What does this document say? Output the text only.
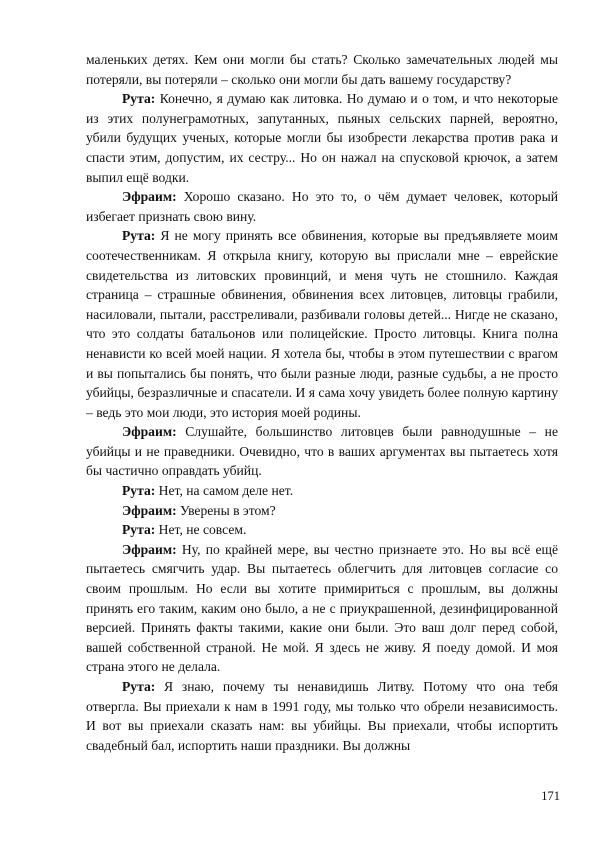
маленьких детях. Кем они могли бы стать? Сколько замечательных людей мы потеряли, вы потеряли – сколько они могли бы дать вашему государству?

Рута: Конечно, я думаю как литовка. Но думаю и о том, и что некоторые из этих полунеграмотных, запутанных, пьяных сельских парней, вероятно, убили будущих ученых, которые могли бы изобрести лекарства против рака и спасти этим, допустим, их сестру... Но он нажал на спусковой крючок, а затем выпил ещё водки.

Эфраим: Хорошо сказано. Но это то, о чём думает человек, который избегает признать свою вину.

Рута: Я не могу принять все обвинения, которые вы предъявляете моим соотечественникам. Я открыла книгу, которую вы прислали мне – еврейские свидетельства из литовских провинций, и меня чуть не стошнило. Каждая страница – страшные обвинения, обвинения всех литовцев, литовцы грабили, насиловали, пытали, расстреливали, разбивали головы детей... Нигде не сказано, что это солдаты батальонов или полицейские. Просто литовцы. Книга полна ненависти ко всей моей нации. Я хотела бы, чтобы в этом путешествии с врагом и вы попытались бы понять, что были разные люди, разные судьбы, а не просто убийцы, безразличные и спасатели. И я сама хочу увидеть более полную картину – ведь это мои люди, это история моей родины.

Эфраим: Слушайте, большинство литовцев были равнодушные – не убийцы и не праведники. Очевидно, что в ваших аргументах вы пытаетесь хотя бы частично оправдать убийц.

Рута: Нет, на самом деле нет.

Эфраим: Уверены в этом?

Рута: Нет, не совсем.

Эфраим: Ну, по крайней мере, вы честно признаете это. Но вы всё ещё пытаетесь смягчить удар. Вы пытаетесь облегчить для литовцев согласие со своим прошлым. Но если вы хотите примириться с прошлым, вы должны принять его таким, каким оно было, а не с приукрашенной, дезинфицированной версией. Принять факты такими, какие они были. Это ваш долг перед собой, вашей собственной страной. Не мой. Я здесь не живу. Я поеду домой. И моя страна этого не делала.

Рута: Я знаю, почему ты ненавидишь Литву. Потому что она тебя отвергла. Вы приехали к нам в 1991 году, мы только что обрели независимость. И вот вы приехали сказать нам: вы убийцы. Вы приехали, чтобы испортить свадебный бал, испортить наши праздники. Вы должны

171
